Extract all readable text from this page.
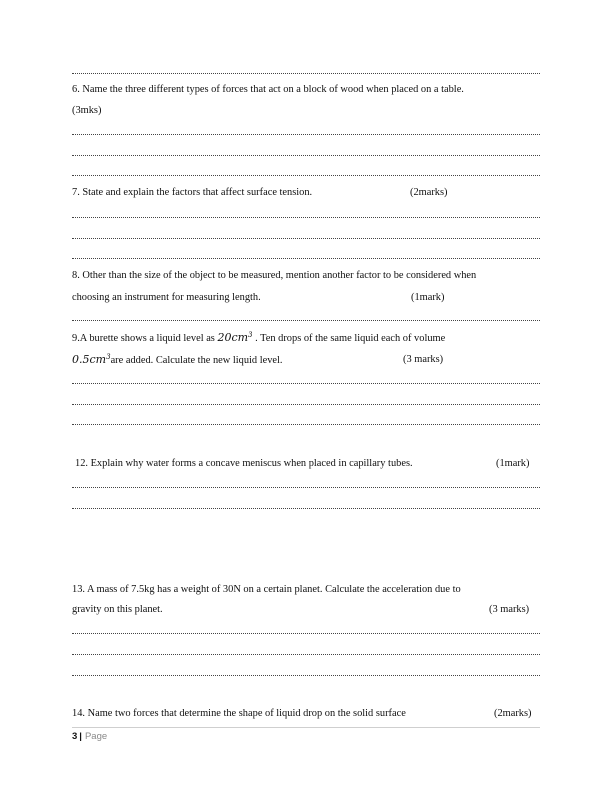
6. Name the three different types of forces that act on a block of wood when placed on a table.
(3mks)
7. State and explain the factors that affect surface tension.	(2marks)
8. Other than the size of the object to be measured, mention another factor to be considered when
choosing an instrument for measuring length.	(1mark)
9.A burette shows a liquid level as $20cm^3$ . Ten drops of the same liquid each of volume
$0.5cm^3are$ added. Calculate the new liquid level.	(3 marks)
12. Explain why water forms a concave meniscus when placed in capillary tubes.	(1mark)
13. A mass of 7.5kg has a weight of 30N on a certain planet. Calculate the acceleration due to
gravity on this planet.	(3 marks)
14. Name two forces that determine the shape of liquid drop on the solid surface	(2marks)
3 | Page
